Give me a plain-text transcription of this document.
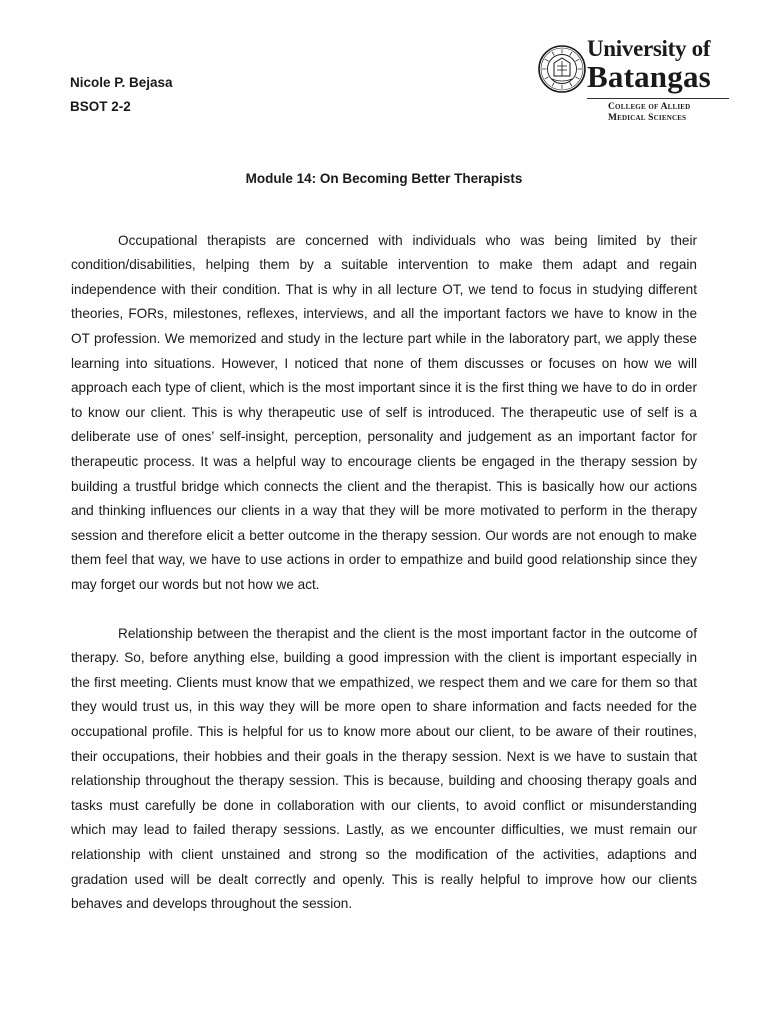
Nicole P. Bejasa
BSOT 2-2
University of
Batangas
College of Allied
Medical Sciences
Module 14: On Becoming Better Therapists

Occupational therapists are concerned with individuals who was being limited by their condition/disabilities, helping them by a suitable intervention to make them adapt and regain independence with their condition. That is why in all lecture OT, we tend to focus in studying different theories, FORs, milestones, reflexes, interviews, and all the important factors we have to know in the OT profession. We memorized and study in the lecture part while in the laboratory part, we apply these learning into situations. However, I noticed that none of them discusses or focuses on how we will approach each type of client, which is the most important since it is the first thing we have to do in order to know our client. This is why therapeutic use of self is introduced. The therapeutic use of self is a deliberate use of ones’ self-insight, perception, personality and judgement as an important factor for therapeutic process. It was a helpful way to encourage clients be engaged in the therapy session by building a trustful bridge which connects the client and the therapist. This is basically how our actions and thinking influences our clients in a way that they will be more motivated to perform in the therapy session and therefore elicit a better outcome in the therapy session. Our words are not enough to make them feel that way, we have to use actions in order to empathize and build good relationship since they may forget our words but not how we act.

Relationship between the therapist and the client is the most important factor in the outcome of therapy. So, before anything else, building a good impression with the client is important especially in the first meeting. Clients must know that we empathized, we respect them and we care for them so that they would trust us, in this way they will be more open to share information and facts needed for the occupational profile. This is helpful for us to know more about our client, to be aware of their routines, their occupations, their hobbies and their goals in the therapy session. Next is we have to sustain that relationship throughout the therapy session. This is because, building and choosing therapy goals and tasks must carefully be done in collaboration with our clients, to avoid conflict or misunderstanding which may lead to failed therapy sessions. Lastly, as we encounter difficulties, we must remain our relationship with client unstained and strong so the modification of the activities, adaptions and gradation used will be dealt correctly and openly. This is really helpful to improve how our clients behaves and develops throughout the session.
